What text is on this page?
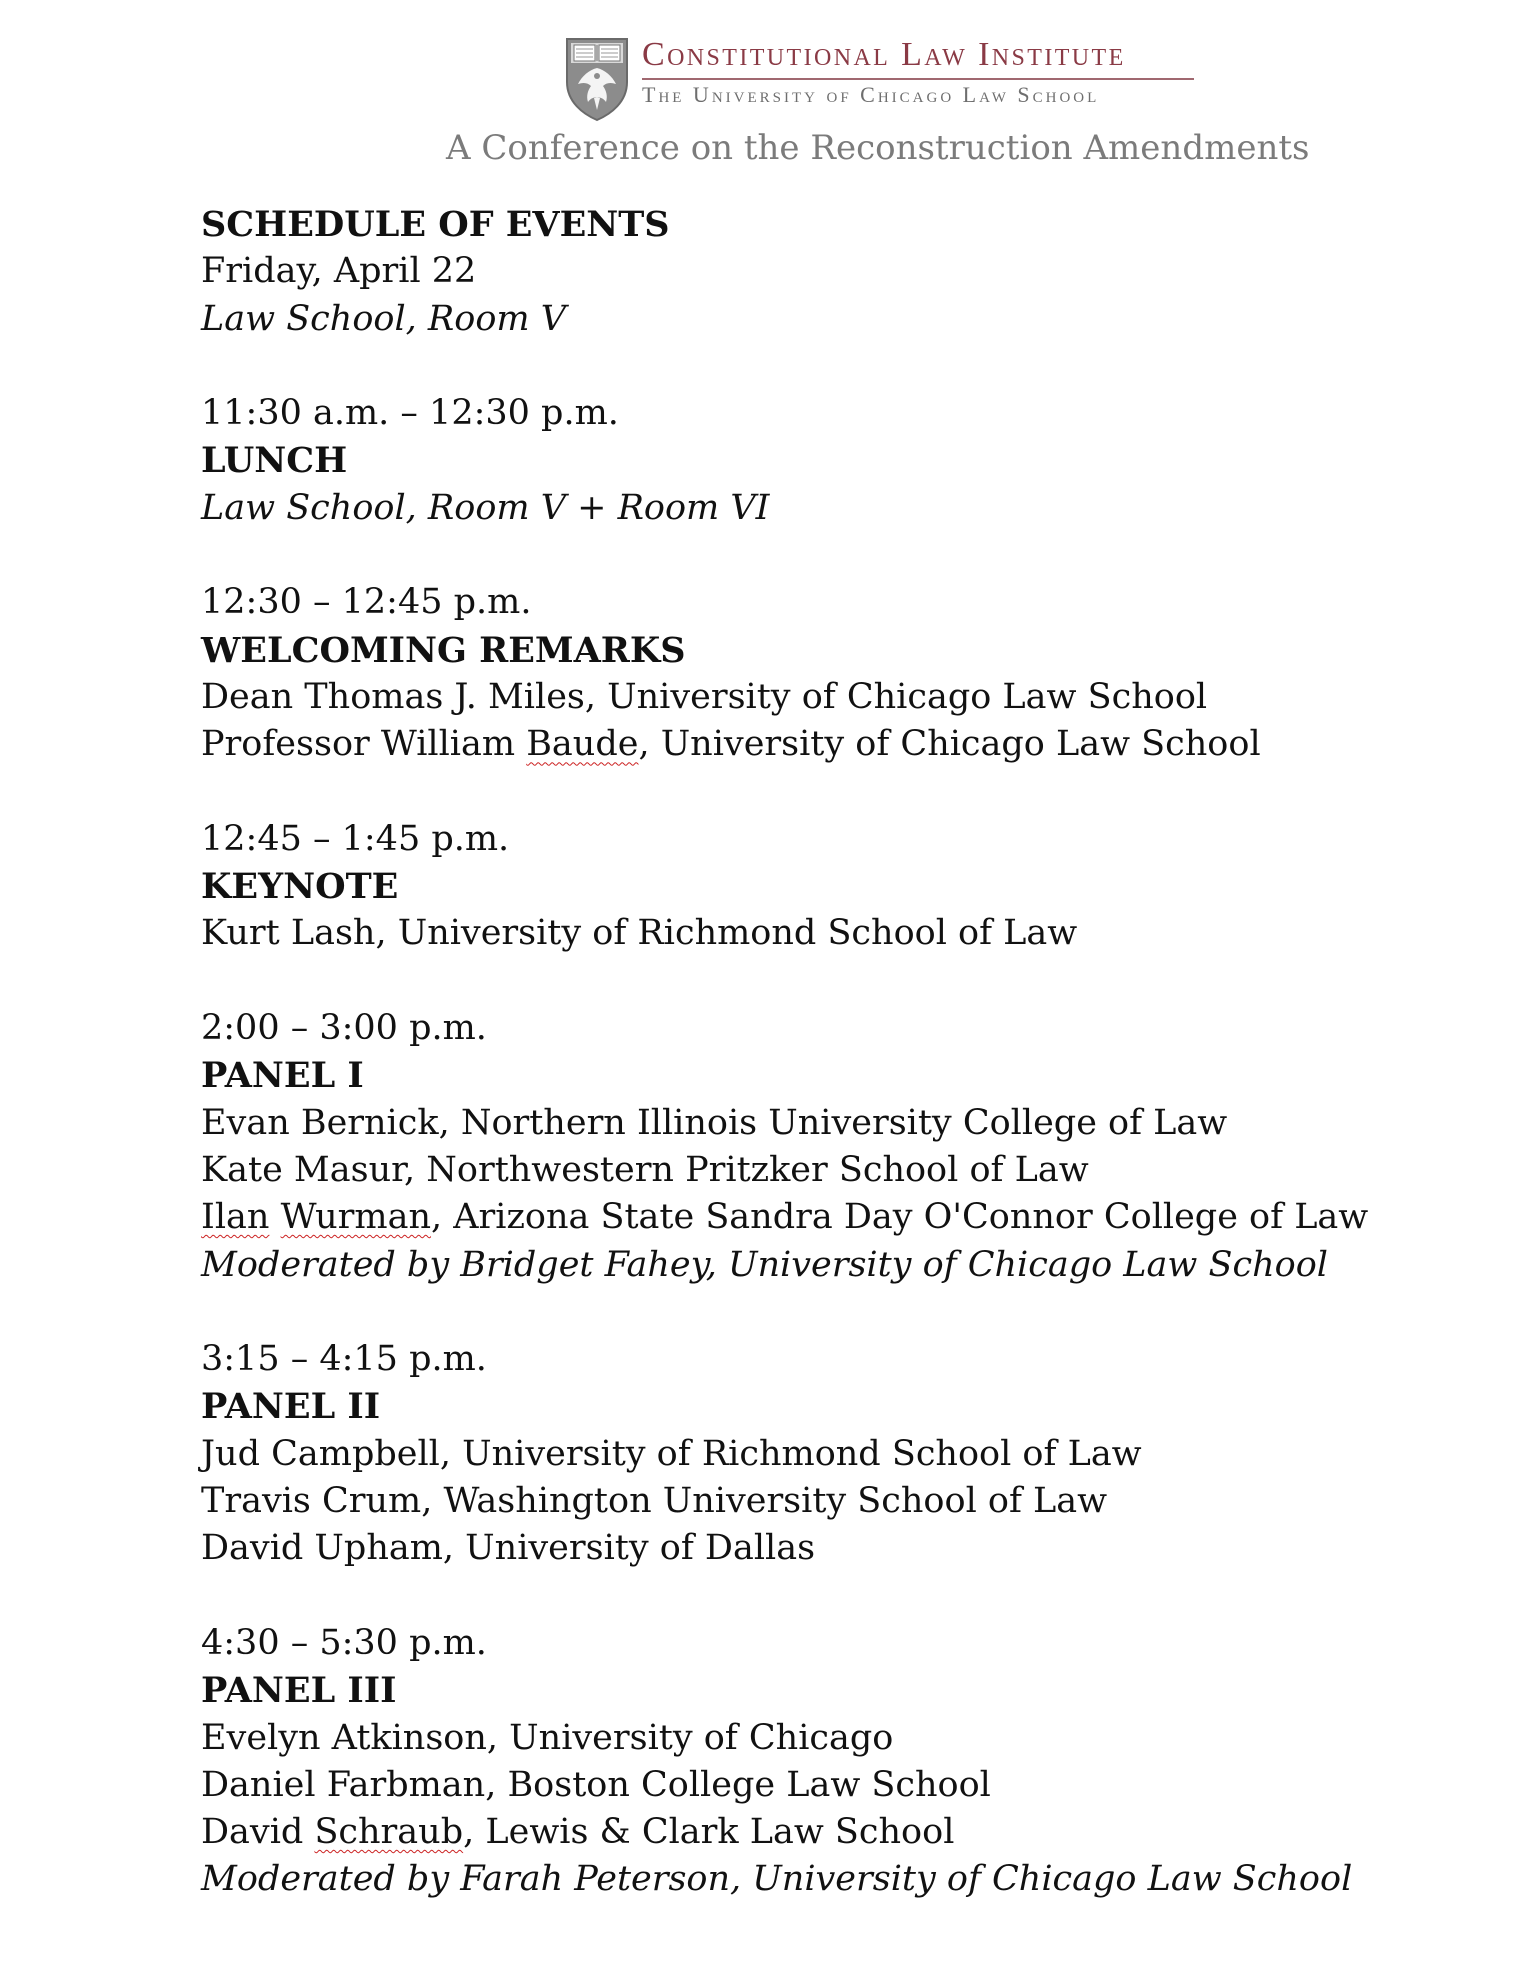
Constitutional Law Institute
The University of Chicago Law School
A Conference on the Reconstruction Amendments
SCHEDULE OF EVENTS
Friday, April 22
Law School, Room V
11:30 a.m. – 12:30 p.m.
LUNCH
Law School, Room V + Room VI
12:30 – 12:45 p.m.
WELCOMING REMARKS
Dean Thomas J. Miles, University of Chicago Law School
Professor William Baude, University of Chicago Law School
12:45 – 1:45 p.m.
KEYNOTE
Kurt Lash, University of Richmond School of Law
2:00 – 3:00 p.m.
PANEL I
Evan Bernick, Northern Illinois University College of Law
Kate Masur, Northwestern Pritzker School of Law
Ilan Wurman, Arizona State Sandra Day O'Connor College of Law
Moderated by Bridget Fahey, University of Chicago Law School
3:15 – 4:15 p.m.
PANEL II
Jud Campbell, University of Richmond School of Law
Travis Crum, Washington University School of Law
David Upham, University of Dallas
4:30 – 5:30 p.m.
PANEL III
Evelyn Atkinson, University of Chicago
Daniel Farbman, Boston College Law School
David Schraub, Lewis & Clark Law School
Moderated by Farah Peterson, University of Chicago Law School
